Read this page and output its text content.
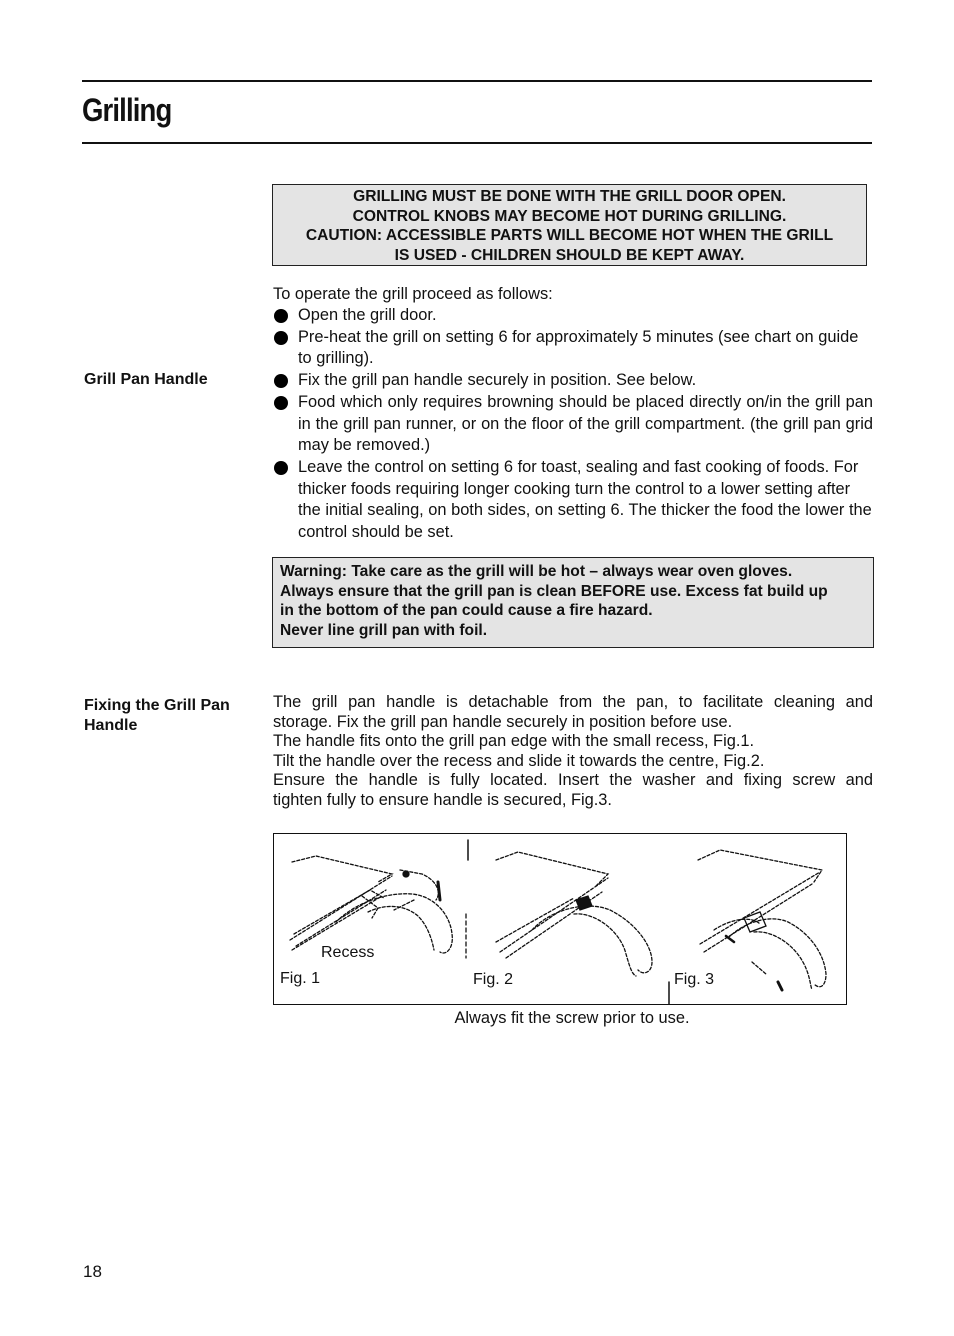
Grilling
GRILLING MUST BE DONE WITH THE GRILL DOOR OPEN.
CONTROL KNOBS MAY BECOME HOT DURING GRILLING.
CAUTION: ACCESSIBLE PARTS WILL BECOME HOT WHEN THE GRILL
IS USED - CHILDREN SHOULD BE KEPT AWAY.
To operate the grill proceed as follows:
Grill Pan Handle
Open the grill door.
Pre-heat the grill on setting 6 for approximately 5 minutes (see chart on guide to grilling).
Fix the grill pan handle securely in position. See below.
Food which only requires browning should be placed directly on/in the grill pan in the grill pan runner, or on the floor of the grill compartment. (the grill pan grid may be removed.)
Leave the control on setting 6 for toast, sealing and fast cooking of foods. For thicker foods requiring longer cooking turn the control to a lower setting after the initial sealing, on both sides, on setting 6. The thicker the food the lower the control should be set.
Warning: Take care as the grill will be hot – always wear oven gloves.
Always ensure that the grill pan is clean BEFORE use. Excess fat build up
in the bottom of the pan could cause a fire hazard.
Never line grill pan with foil.
Fixing the Grill Pan
Handle
The grill pan handle is detachable from the pan, to facilitate cleaning and
storage. Fix the grill pan handle securely in position before use.
The handle fits onto the grill pan edge with the small recess, Fig.1.
Tilt the handle over the recess and slide it towards the centre, Fig.2.
Ensure the handle is fully located. Insert the washer and fixing screw and
tighten fully to ensure handle is secured, Fig.3.
Recess
Fig. 1	Fig. 2	Fig. 3
Always fit the screw prior to use.
18
